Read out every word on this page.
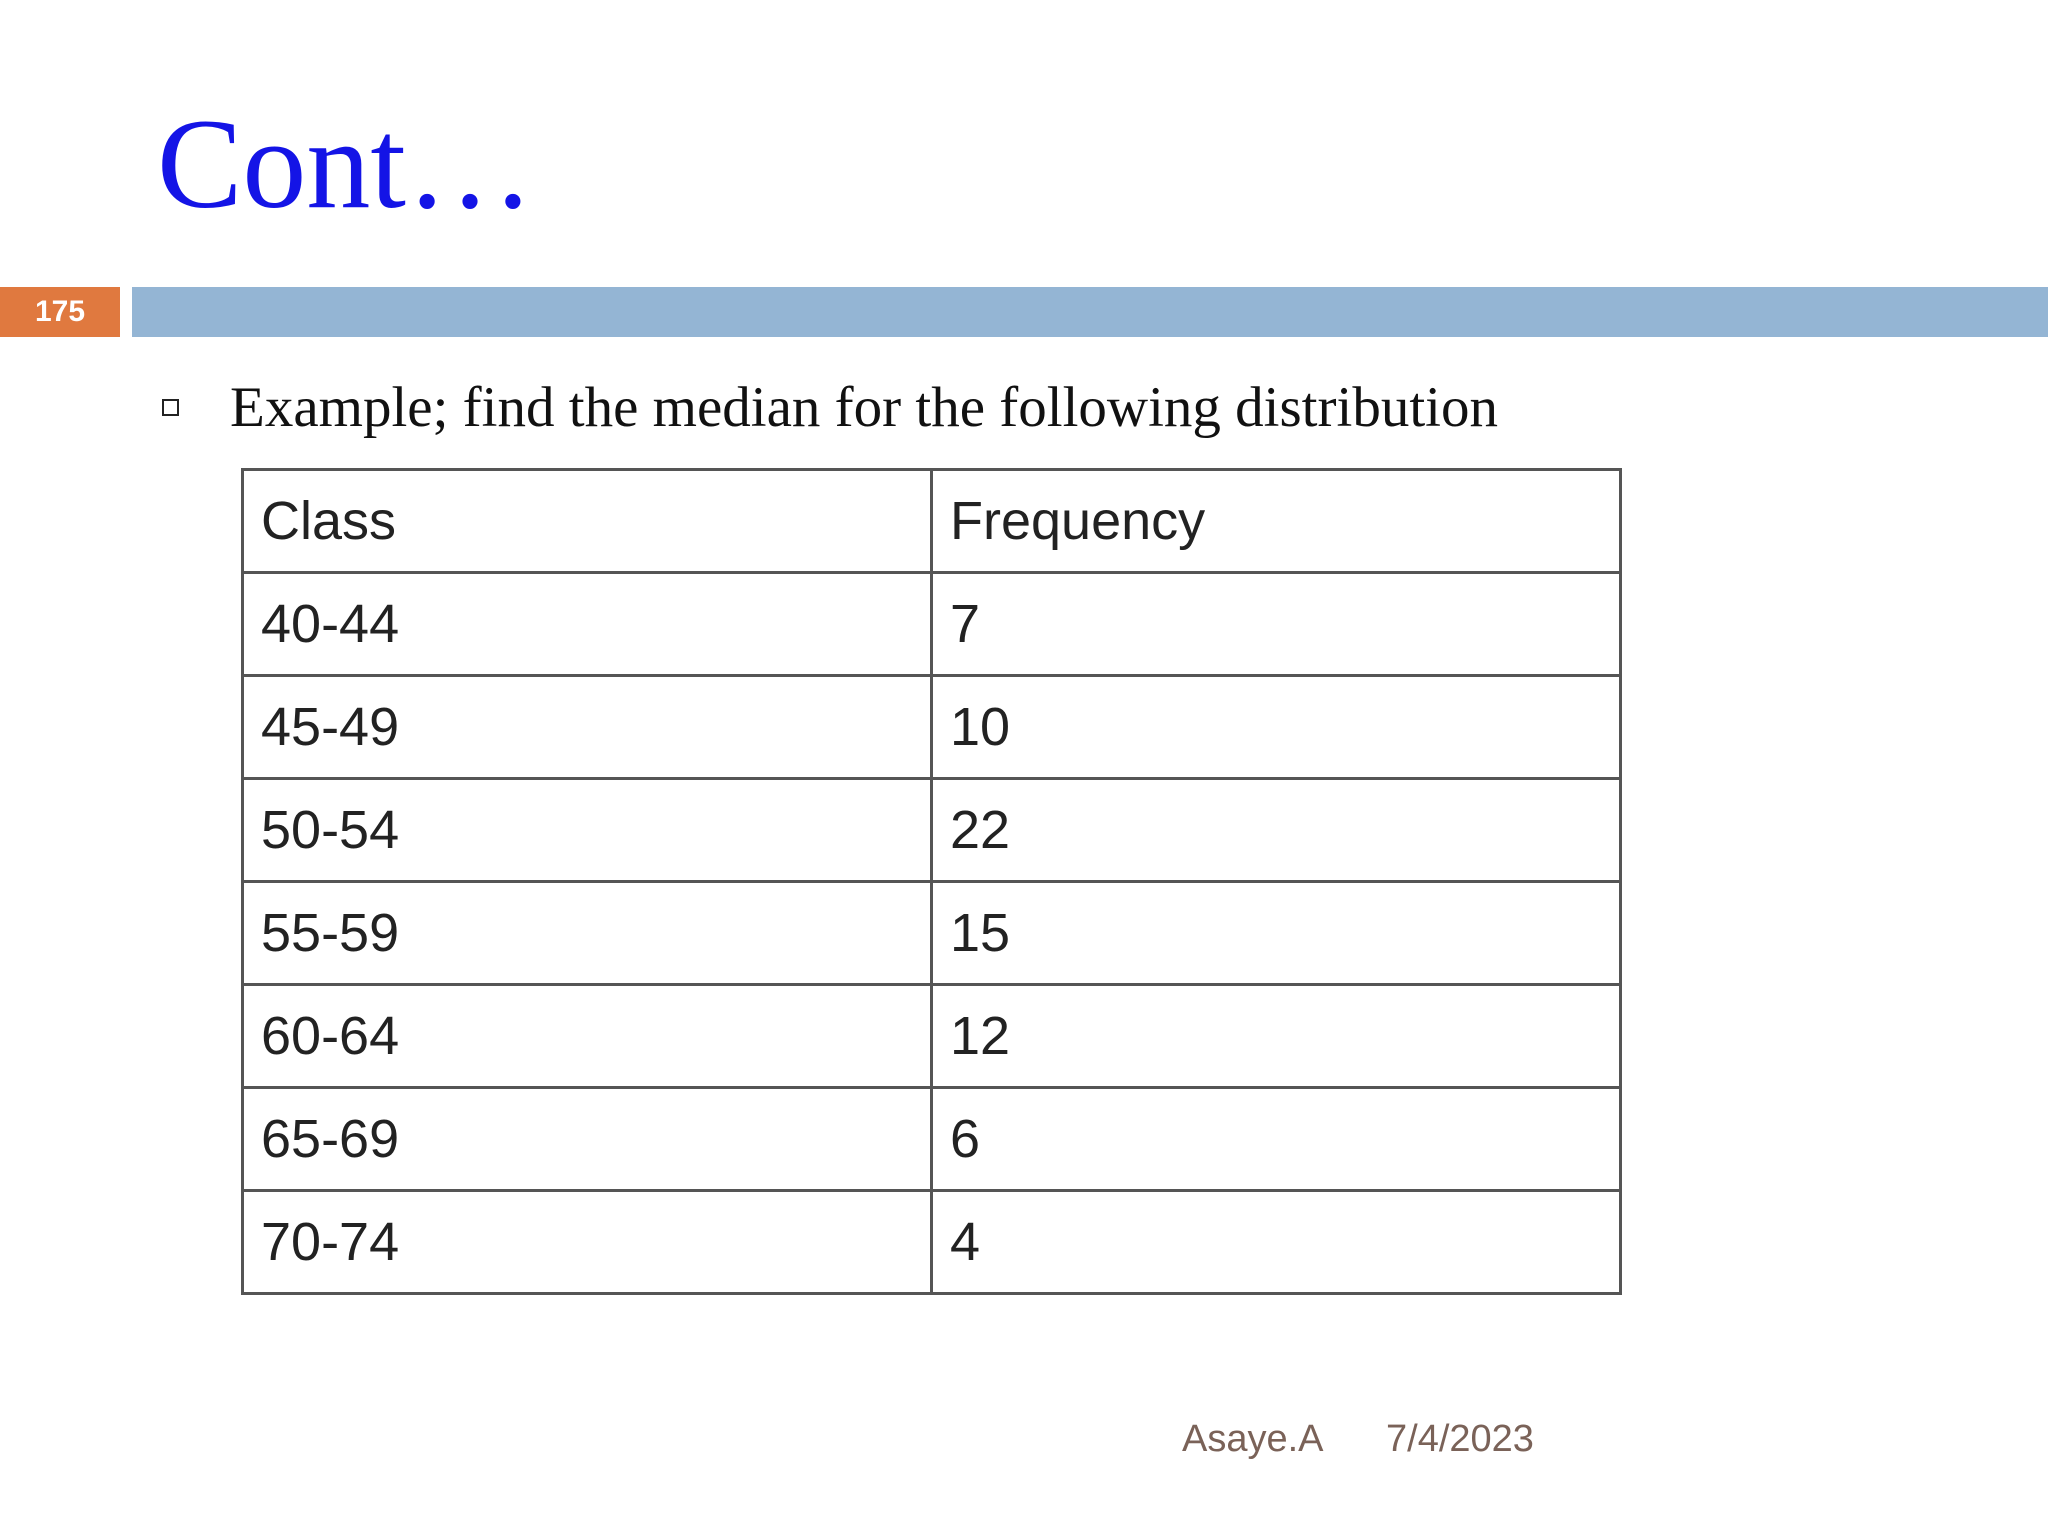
Cont…
175
Example; find the median for the following distribution
Class	Frequency
40-44	7
45-49	10
50-54	22
55-59	15
60-64	12
65-69	6
70-74	4
Asaye.A 7/4/2023
